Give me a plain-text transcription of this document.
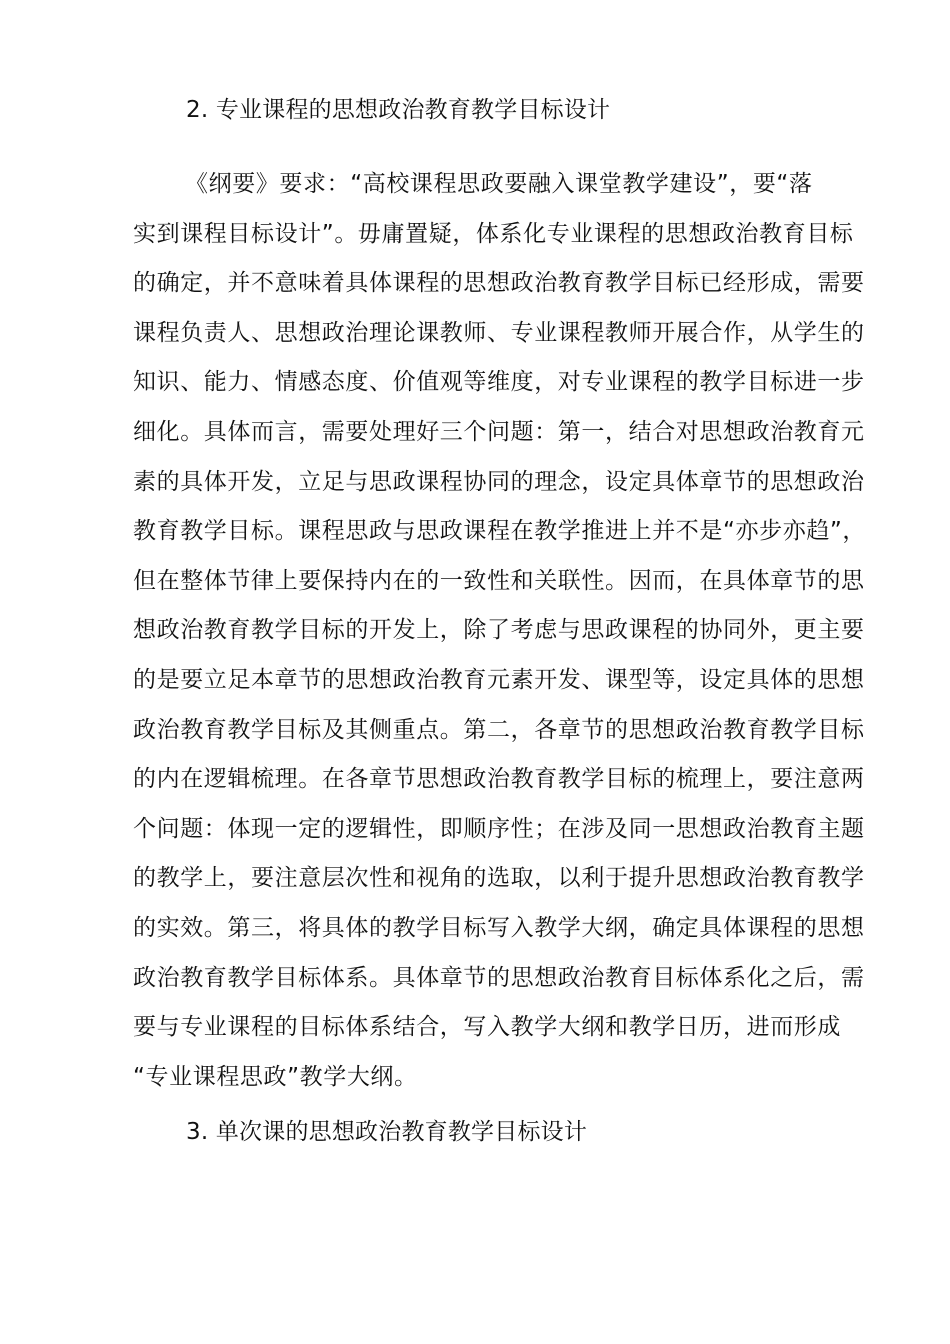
2. 专业课程的思想政治教育教学目标设计
《纲要》要求：“高校课程思政要融入课堂教学建设”，要“落
实到课程目标设计”。毋庸置疑，体系化专业课程的思想政治教育目标
的确定，并不意味着具体课程的思想政治教育教学目标已经形成，需要
课程负责人、思想政治理论课教师、专业课程教师开展合作，从学生的
知识、能力、情感态度、价值观等维度，对专业课程的教学目标进一步
细化。具体而言，需要处理好三个问题：第一，结合对思想政治教育元
素的具体开发，立足与思政课程协同的理念，设定具体章节的思想政治
教育教学目标。课程思政与思政课程在教学推进上并不是“亦步亦趋”，
但在整体节律上要保持内在的一致性和关联性。因而，在具体章节的思
想政治教育教学目标的开发上，除了考虑与思政课程的协同外，更主要
的是要立足本章节的思想政治教育元素开发、课型等，设定具体的思想
政治教育教学目标及其侧重点。第二，各章节的思想政治教育教学目标
的内在逻辑梳理。在各章节思想政治教育教学目标的梳理上，要注意两
个问题：体现一定的逻辑性，即顺序性；在涉及同一思想政治教育主题
的教学上，要注意层次性和视角的选取，以利于提升思想政治教育教学
的实效。第三，将具体的教学目标写入教学大纲，确定具体课程的思想
政治教育教学目标体系。具体章节的思想政治教育目标体系化之后，需
要与专业课程的目标体系结合，写入教学大纲和教学日历，进而形成
“专业课程思政”教学大纲。
3. 单次课的思想政治教育教学目标设计
